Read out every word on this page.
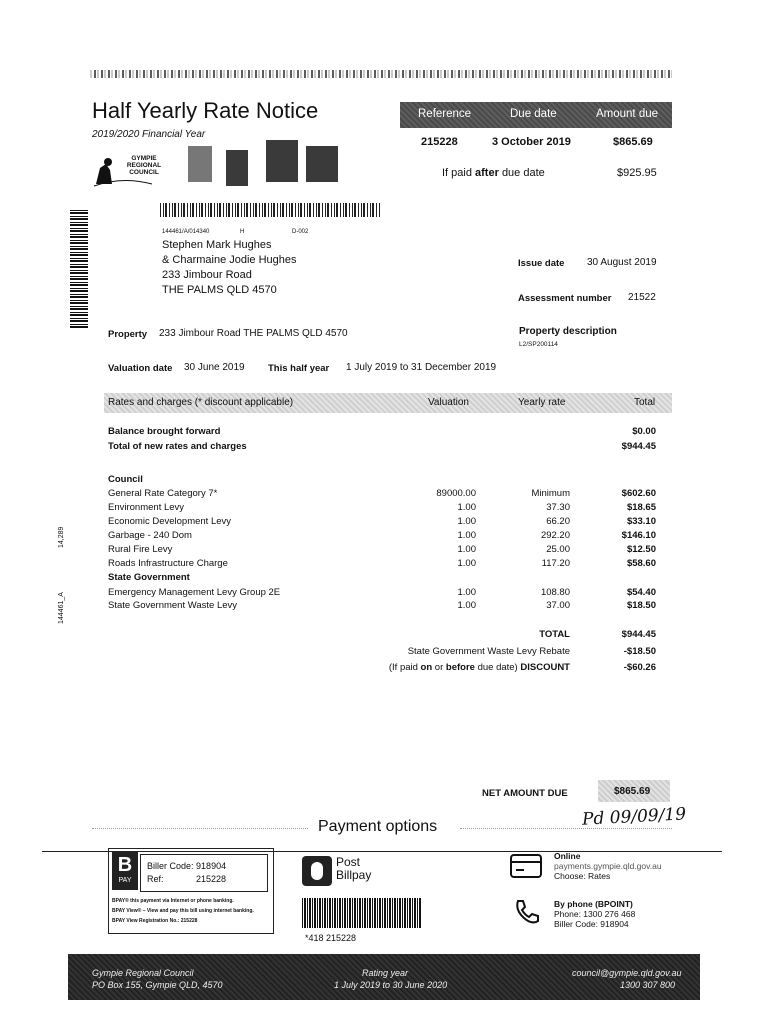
Half Yearly Rate Notice
2019/2020 Financial Year
GYMPIE REGIONAL COUNCIL
Reference	Due date	Amount due
215228	3 October 2019	$865.69
If paid after due date	$925.95
144461/A/014340	H	D-002
Stephen Mark Hughes
& Charmaine Jodie Hughes
233 Jimbour Road
THE PALMS QLD 4570
Issue date 30 August 2019
Assessment number 21522
Property 233 Jimbour Road THE PALMS QLD 4570	Property description
L2/SP200114
Valuation date 30 June 2019 This half year 1 July 2019 to 31 December 2019
Rates and charges (* discount applicable)	Valuation	Yearly rate	Total
Balance brought forward	$0.00
Total of new rates and charges	$944.45
Council
General Rate Category 7*	89000.00	Minimum	$602.60
Environment Levy	1.00	37.30	$18.65
Economic Development Levy	1.00	66.20	$33.10
Garbage - 240 Dom	1.00	292.20	$146.10
Rural Fire Levy	1.00	25.00	$12.50
Roads Infrastructure Charge	1.00	117.20	$58.60
State Government
Emergency Management Levy Group 2E	1.00	108.80	$54.40
State Government Waste Levy	1.00	37.00	$18.50
14,289
144461_A
TOTAL	$944.45
State Government Waste Levy Rebate	-$18.50
(If paid on or before due date) DISCOUNT	-$60.26
NET AMOUNT DUE	$865.69
Pd 09/09/19
Payment options
B
PAY
Biller Code: 918904
Ref:	215228
BPAY® this payment via Internet or phone banking.
BPAY View® – View and pay this bill using internet banking.
BPAY View Registration No.: 215228
Post
Billpay
*418 215228
Online
payments.gympie.qld.gov.au
Choose: Rates
By phone (BPOINT)
Phone: 1300 276 468
Biller Code: 918904
Gympie Regional Council
PO Box 155, Gympie QLD, 4570
Rating year
1 July 2019 to 30 June 2020
council@gympie.qld.gov.au
1300 307 800
